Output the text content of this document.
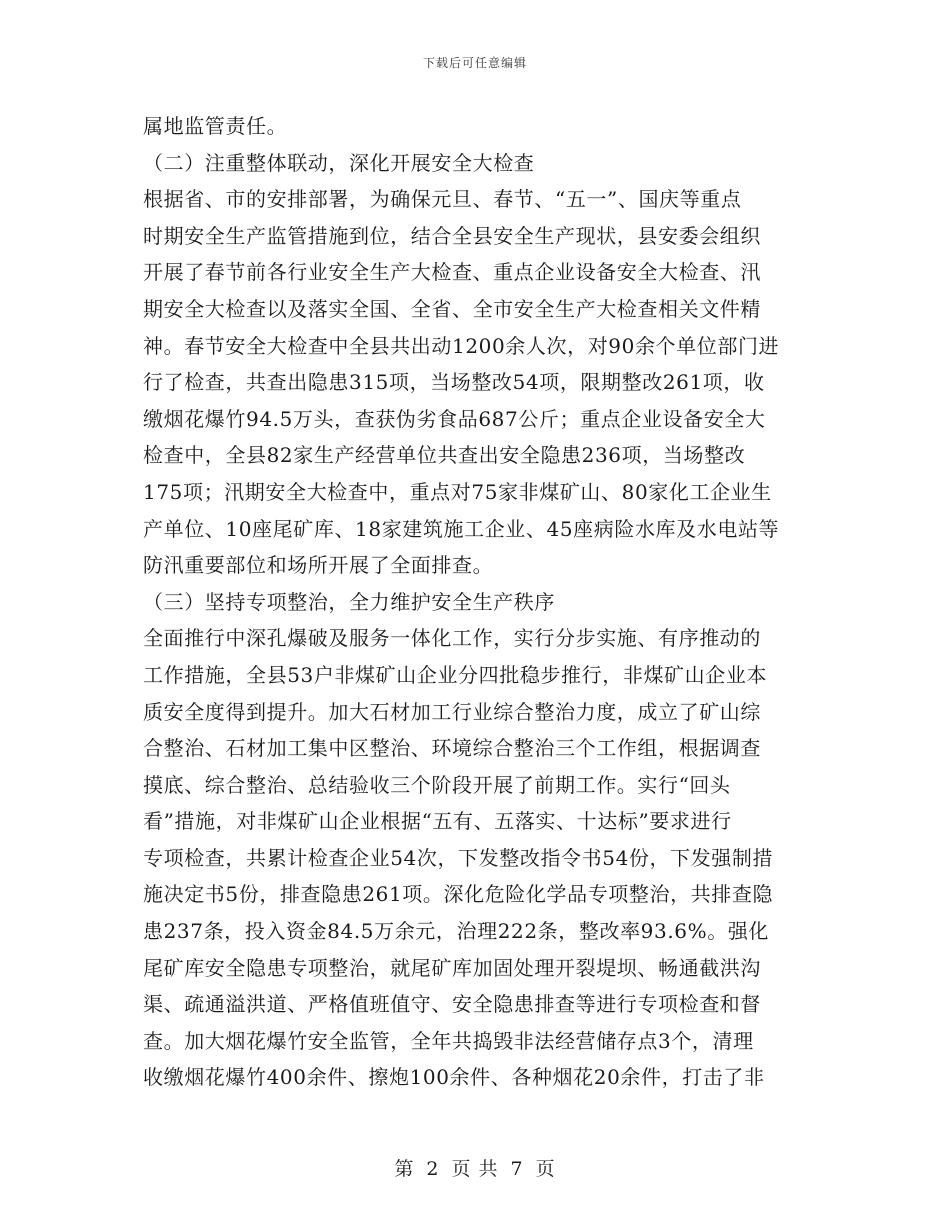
下载后可任意编辑
属地监管责任。
（二）注重整体联动，深化开展安全大检查
根据省、市的安排部署，为确保元旦、春节、“五一”、国庆等重点
时期安全生产监管措施到位，结合全县安全生产现状，县安委会组织
开展了春节前各行业安全生产大检查、重点企业设备安全大检查、汛
期安全大检查以及落实全国、全省、全市安全生产大检查相关文件精
神。春节安全大检查中全县共出动1200余人次，对90余个单位部门进
行了检查，共查出隐患315项，当场整改54项，限期整改261项，收
缴烟花爆竹94.5万头，查获伪劣食品687公斤；重点企业设备安全大
检查中，全县82家生产经营单位共查出安全隐患236项，当场整改
175项；汛期安全大检查中，重点对75家非煤矿山、80家化工企业生
产单位、10座尾矿库、18家建筑施工企业、45座病险水库及水电站等
防汛重要部位和场所开展了全面排查。
（三）坚持专项整治，全力维护安全生产秩序
全面推行中深孔爆破及服务一体化工作，实行分步实施、有序推动的
工作措施，全县53户非煤矿山企业分四批稳步推行，非煤矿山企业本
质安全度得到提升。加大石材加工行业综合整治力度，成立了矿山综
合整治、石材加工集中区整治、环境综合整治三个工作组，根据调查
摸底、综合整治、总结验收三个阶段开展了前期工作。实行“回头
看”措施，对非煤矿山企业根据“五有、五落实、十达标”要求进行
专项检查，共累计检查企业54次，下发整改指令书54份，下发强制措
施决定书5份，排查隐患261项。深化危险化学品专项整治，共排查隐
患237条，投入资金84.5万余元，治理222条，整改率93.6%。强化
尾矿库安全隐患专项整治，就尾矿库加固处理开裂堤坝、畅通截洪沟
渠、疏通溢洪道、严格值班值守、安全隐患排查等进行专项检查和督
查。加大烟花爆竹安全监管，全年共捣毁非法经营储存点3个，清理
收缴烟花爆竹400余件、擦炮100余件、各种烟花20余件，打击了非
第 2 页 共 7 页
